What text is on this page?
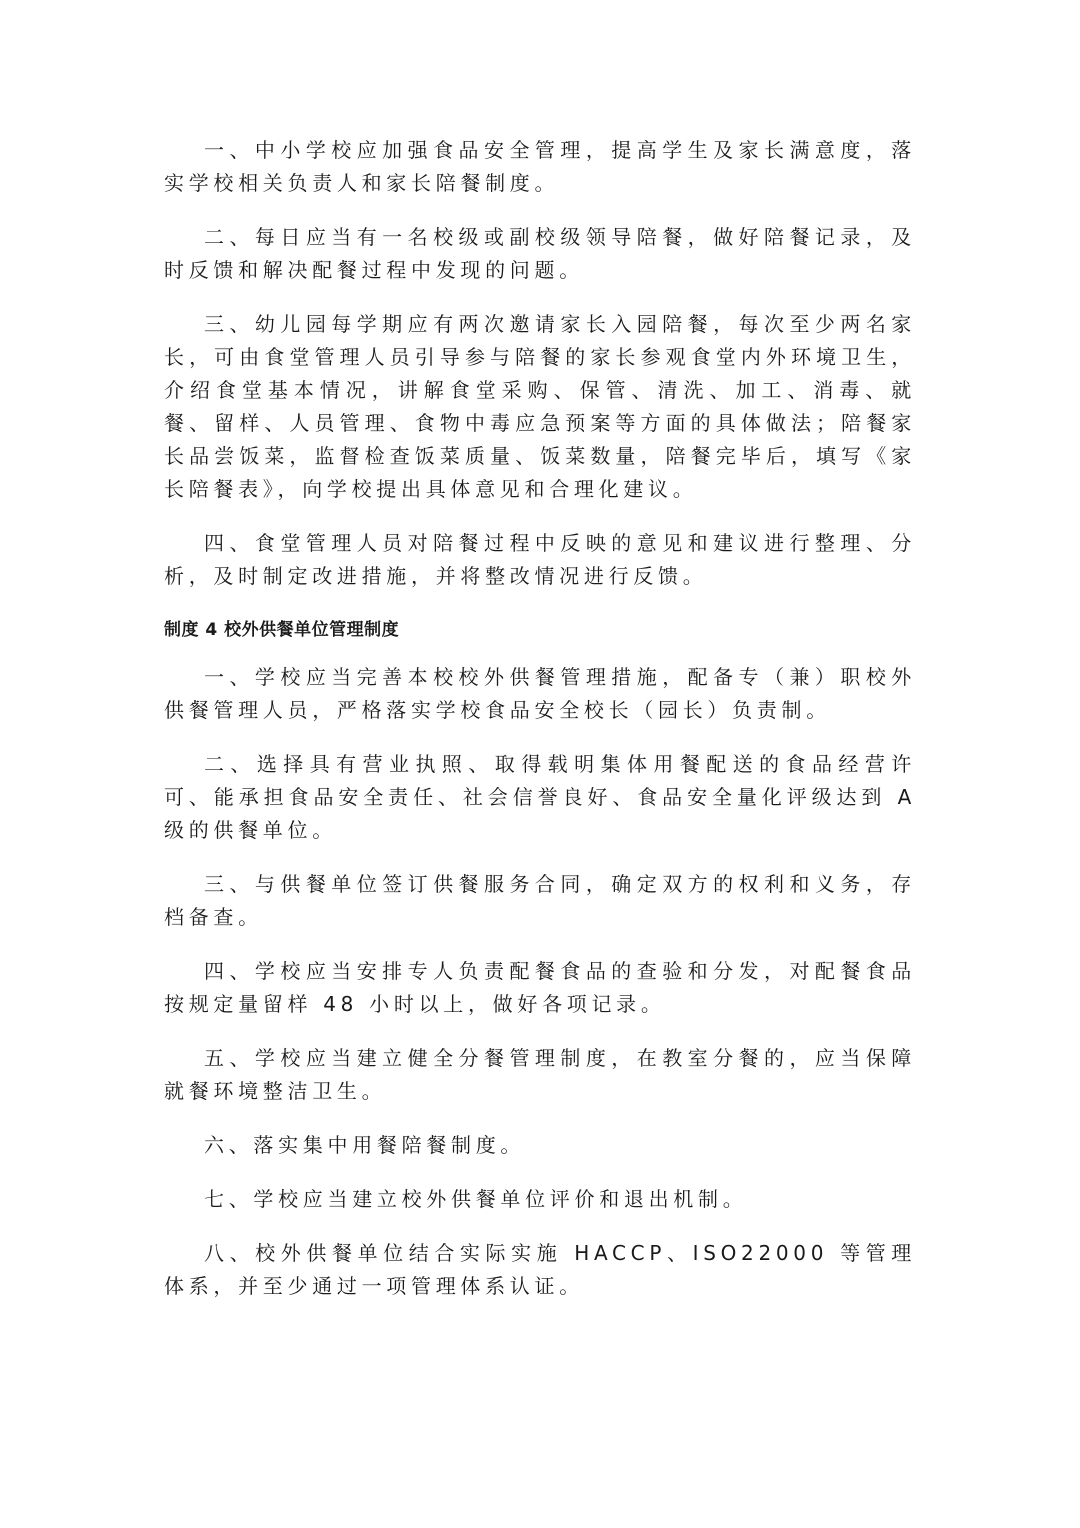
一、中小学校应加强食品安全管理，提高学生及家长满意度，落实学校相关负责人和家长陪餐制度。

二、每日应当有一名校级或副校级领导陪餐，做好陪餐记录，及时反馈和解决配餐过程中发现的问题。

三、幼儿园每学期应有两次邀请家长入园陪餐，每次至少两名家长，可由食堂管理人员引导参与陪餐的家长参观食堂内外环境卫生，介绍食堂基本情况，讲解食堂采购、保管、清洗、加工、消毒、就餐、留样、人员管理、食物中毒应急预案等方面的具体做法；陪餐家长品尝饭菜，监督检查饭菜质量、饭菜数量，陪餐完毕后，填写《家长陪餐表》，向学校提出具体意见和合理化建议。

四、食堂管理人员对陪餐过程中反映的意见和建议进行整理、分析，及时制定改进措施，并将整改情况进行反馈。

制度 4 校外供餐单位管理制度

一、学校应当完善本校校外供餐管理措施，配备专（兼）职校外供餐管理人员，严格落实学校食品安全校长（园长）负责制。

二、选择具有营业执照、取得载明集体用餐配送的食品经营许可、能承担食品安全责任、社会信誉良好、食品安全量化评级达到 A 级的供餐单位。

三、与供餐单位签订供餐服务合同，确定双方的权利和义务，存档备查。

四、学校应当安排专人负责配餐食品的查验和分发，对配餐食品按规定量留样 48 小时以上，做好各项记录。

五、学校应当建立健全分餐管理制度，在教室分餐的，应当保障就餐环境整洁卫生。

六、落实集中用餐陪餐制度。

七、学校应当建立校外供餐单位评价和退出机制。

八、校外供餐单位结合实际实施 HACCP、ISO22000 等管理体系，并至少通过一项管理体系认证。
